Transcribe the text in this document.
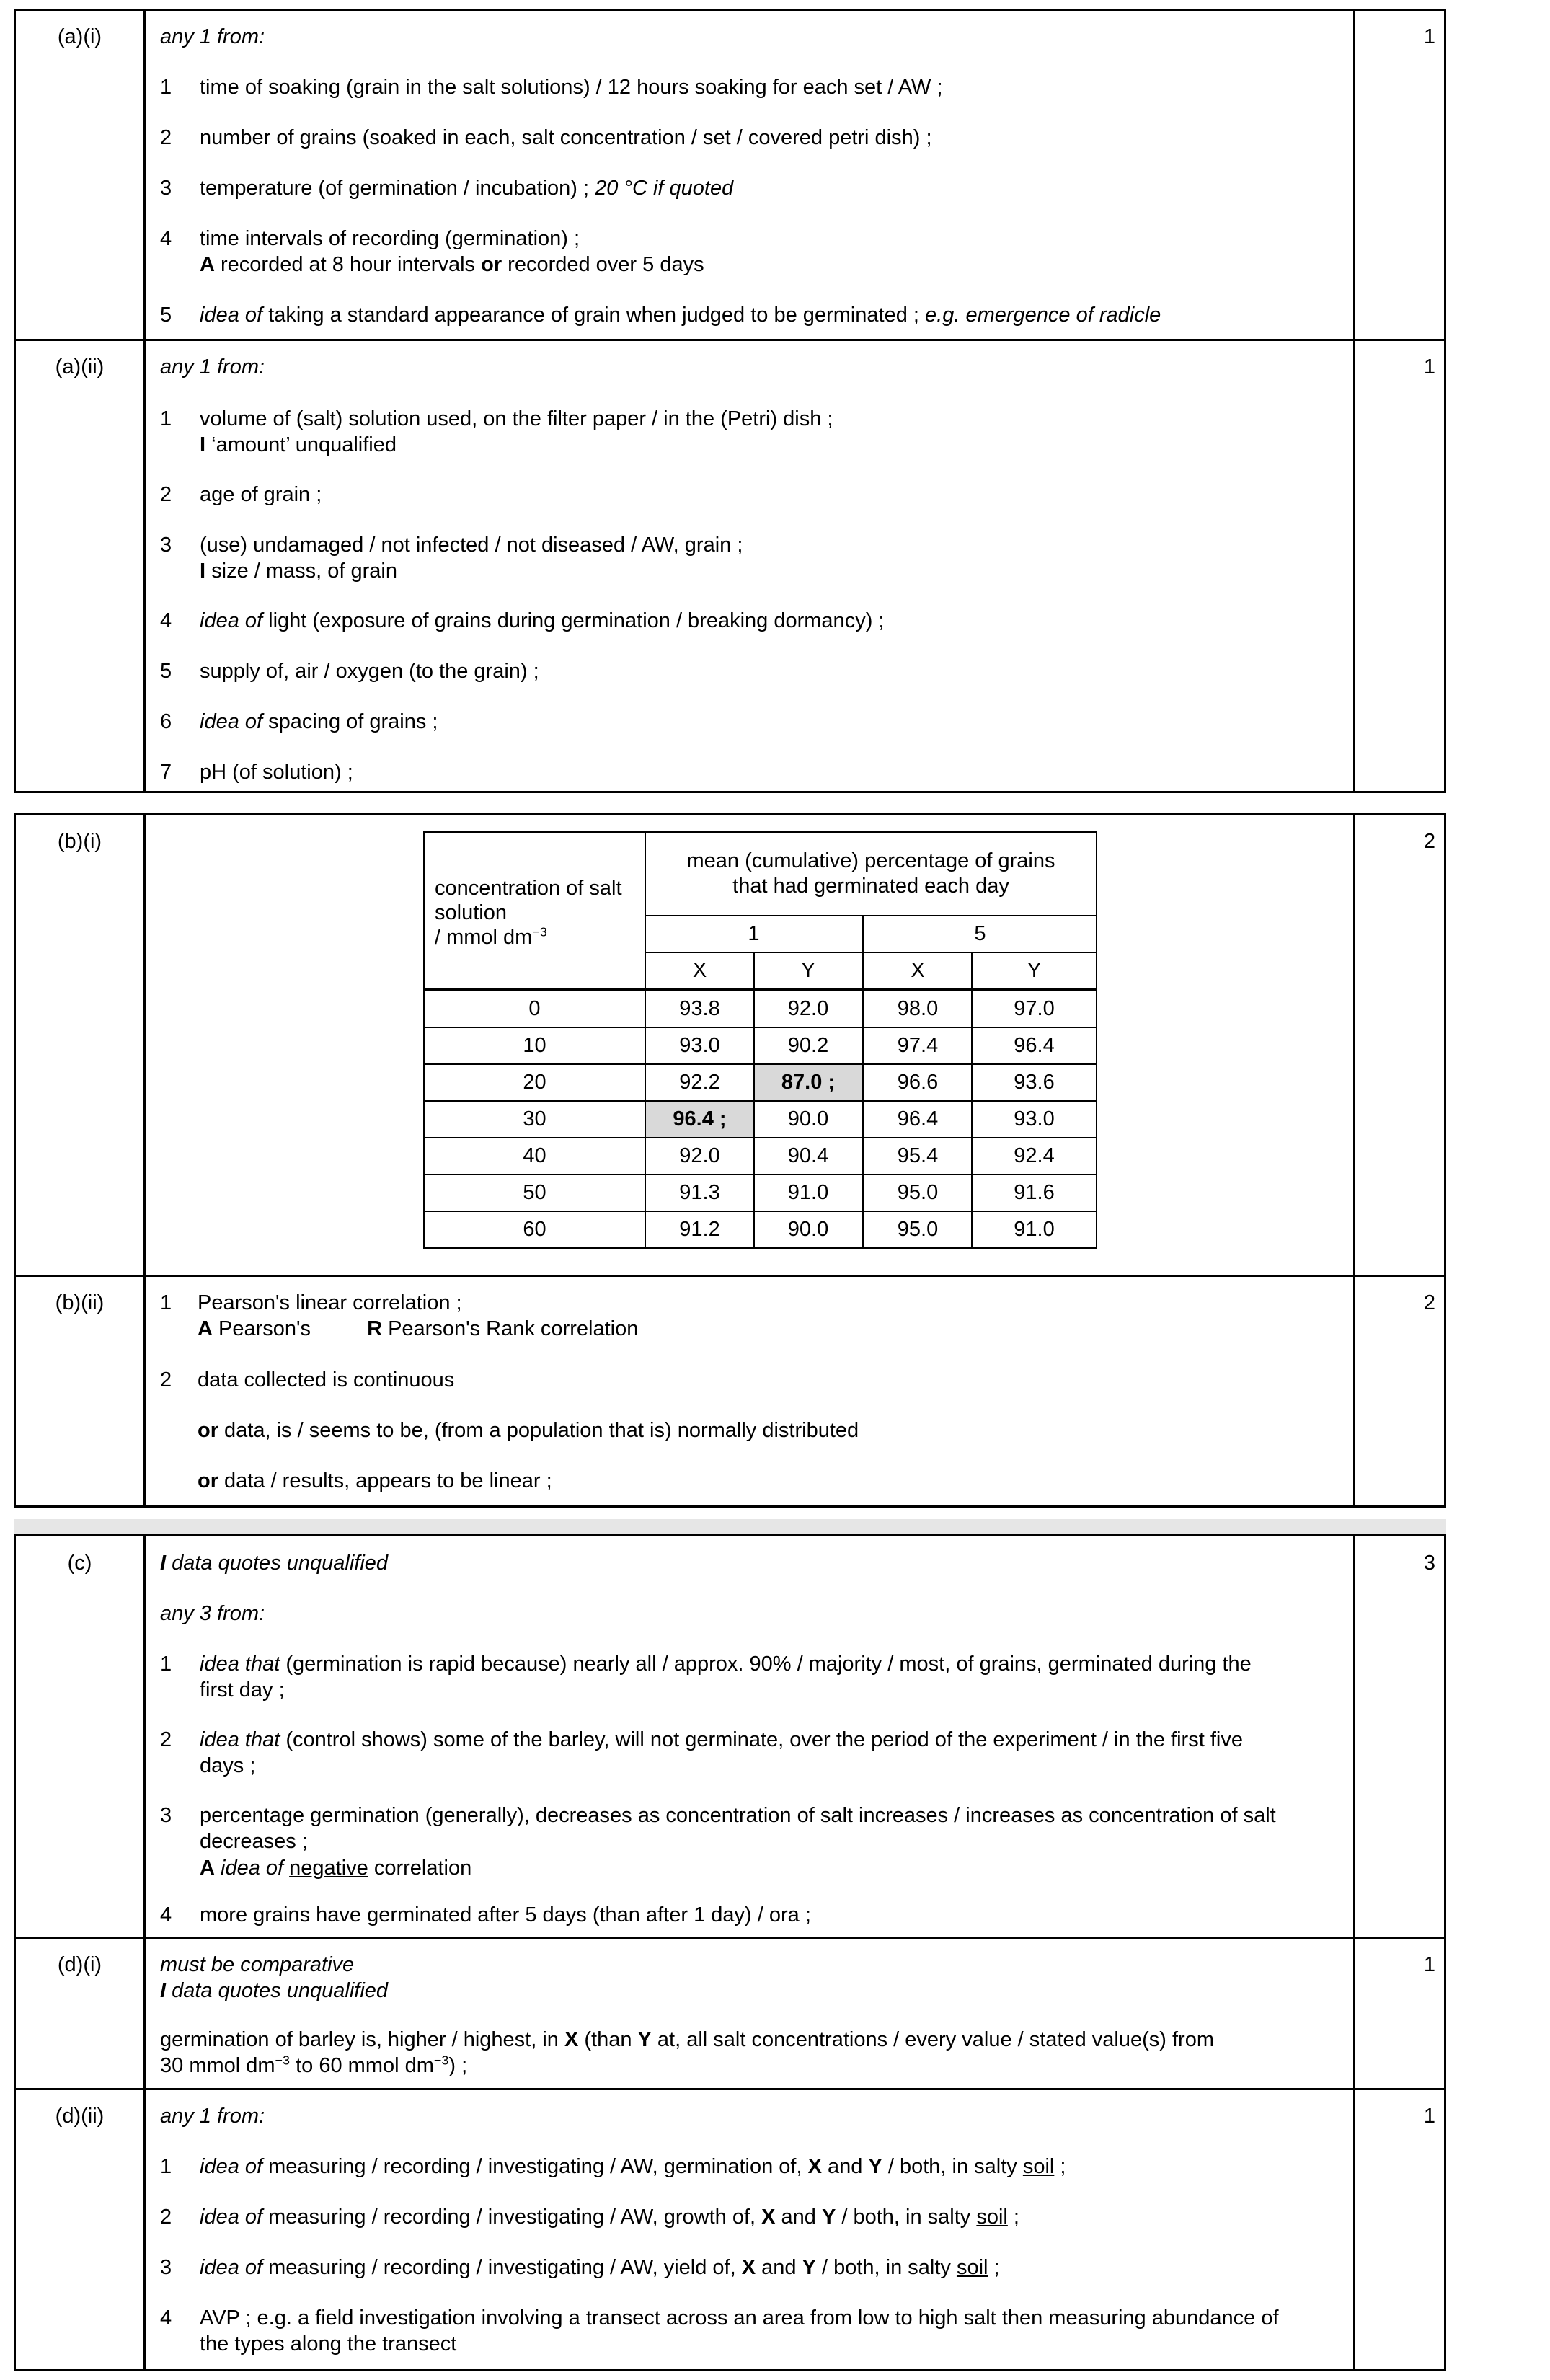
(a)(i)	1
any 1 from:
1	time of soaking (grain in the salt solutions) / 12 hours soaking for each set / AW ;
2	number of grains (soaked in each, salt concentration / set / covered petri dish) ;
3	temperature (of germination / incubation) ; 20 °C if quoted
4	time intervals of recording (germination) ;
A recorded at 8 hour intervals or recorded over 5 days
5	idea of taking a standard appearance of grain when judged to be germinated ; e.g. emergence of radicle
(a)(ii)	1
any 1 from:
1	volume of (salt) solution used, on the filter paper / in the (Petri) dish ;
I ‘amount’ unqualified
2	age of grain ;
3	(use) undamaged / not infected / not diseased / AW, grain ;
I size / mass, of grain
4	idea of light (exposure of grains during germination / breaking dormancy) ;
5	supply of, air / oxygen (to the grain) ;
6	idea of spacing of grains ;
7	pH (of solution) ;
(b)(i)	2
concentration of salt
solution
/ mmol $dm^{-3}$	mean (cumulative) percentage of grains
that had germinated each day			
	1		5	
	X	Y	X	Y
0	93.8	92.0	98.0	97.0
10	93.0	90.2	97.4	96.4
20	92.2	87.0 ;	96.6	93.6
30	96.4 ;	90.0	96.4	93.0
40	92.0	90.4	95.4	92.4
50	91.3	91.0	95.0	91.6
60	91.2	90.0	95.0	91.0
(b)(ii)	2
1	Pearson's linear correlation ;
A Pearson's	R Pearson's Rank correlation
2	data collected is continuous
or data, is / seems to be, (from a population that is) normally distributed
or data / results, appears to be linear ;
(c)	3
I data quotes unqualified
any 3 from:
1	idea that (germination is rapid because) nearly all / approx. 90% / majority / most, of grains, germinated during the
first day ;
2	idea that (control shows) some of the barley, will not germinate, over the period of the experiment / in the first five
days ;
3	percentage germination (generally), decreases as concentration of salt increases / increases as concentration of salt
decreases ;
A idea of negative correlation
4	more grains have germinated after 5 days (than after 1 day) / ora ;
(d)(i)	1
must be comparative
I data quotes unqualified
germination of barley is, higher / highest, in X (than Y at, all salt concentrations / every value / stated value(s) from
30 mmol $dm^{-3}$ to 60 mmol $dm^{-3}$) ;
(d)(ii)	1
any 1 from:
1	idea of measuring / recording / investigating / AW, germination of, X and Y / both, in salty soil ;
2	idea of measuring / recording / investigating / AW, growth of, X and Y / both, in salty soil ;
3	idea of measuring / recording / investigating / AW, yield of, X and Y / both, in salty soil ;
4	AVP ; e.g. a field investigation involving a transect across an area from low to high salt then measuring abundance of
the types along the transect
